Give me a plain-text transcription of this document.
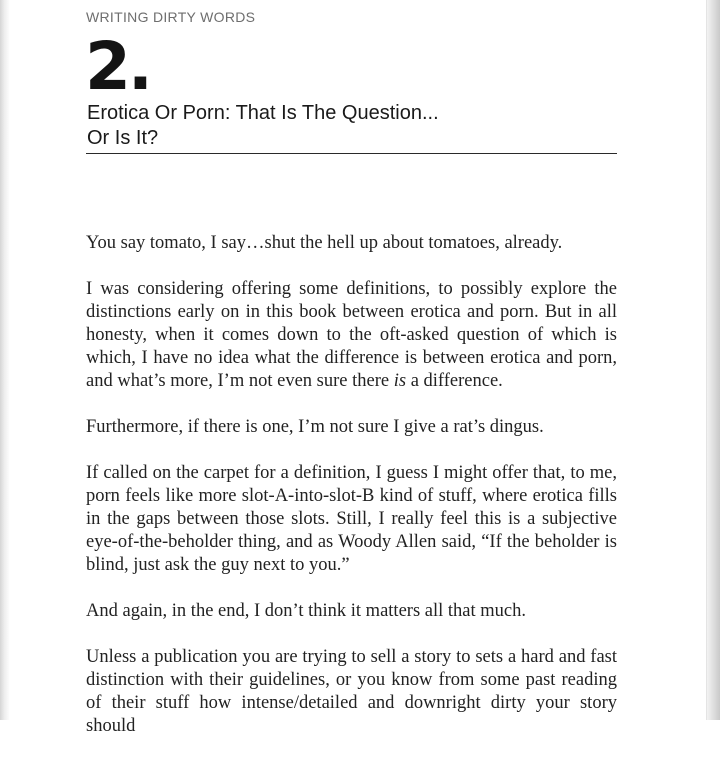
WRITING DIRTY WORDS
2.
Erotica Or Porn: That Is The Question...
Or Is It?

You say tomato, I say…shut the hell up about tomatoes, already.

I was considering offering some definitions, to possibly explore the distinctions early on in this book between erotica and porn. But in all honesty, when it comes down to the oft-asked question of which is which, I have no idea what the difference is between erotica and porn, and what’s more, I’m not even sure there is a difference.

Furthermore, if there is one, I’m not sure I give a rat’s dingus.

If called on the carpet for a definition, I guess I might offer that, to me, porn feels like more slot-A-into-slot-B kind of stuff, where erotica fills in the gaps between those slots. Still, I really feel this is a subjective eye-of-the-beholder thing, and as Woody Allen said, “If the beholder is blind, just ask the guy next to you.”

And again, in the end, I don’t think it matters all that much.

Unless a publication you are trying to sell a story to sets a hard and fast distinction with their guidelines, or you know from some past reading of their stuff how intense/detailed and downright dirty your story should
